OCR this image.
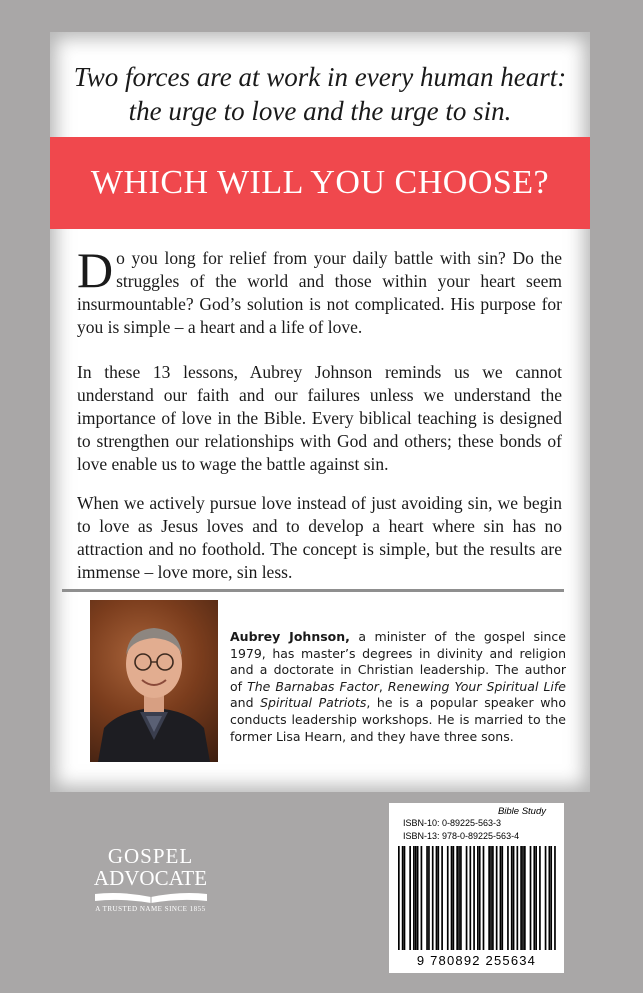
Two forces are at work in every human heart:
the urge to love and the urge to sin.
WHICH WILL YOU CHOOSE?
Do you long for relief from your daily battle with sin? Do the struggles of the world and those within your heart seem insurmountable? God’s solution is not complicated. His purpose for you is simple – a heart and a life of love.
In these 13 lessons, Aubrey Johnson reminds us we cannot understand our faith and our failures unless we understand the importance of love in the Bible. Every biblical teaching is designed to strengthen our relationships with God and others; these bonds of love enable us to wage the battle against sin.
When we actively pursue love instead of just avoiding sin, we begin to love as Jesus loves and to develop a heart where sin has no attraction and no foothold. The concept is simple, but the results are immense – love more, sin less.
Aubrey Johnson, a minister of the gospel since 1979, has master’s degrees in divinity and religion and a doctorate in Christian leadership. The author of The Barnabas Factor, Renewing Your Spiritual Life and Spiritual Patriots, he is a popular speaker who conducts leadership workshops. He is married to the former Lisa Hearn, and they have three sons.
GOSPEL
ADVOCATE
A TRUSTED NAME SINCE 1855
Bible Study
ISBN-10: 0-89225-563-3
ISBN-13: 978-0-89225-563-4
9 780892 255634
